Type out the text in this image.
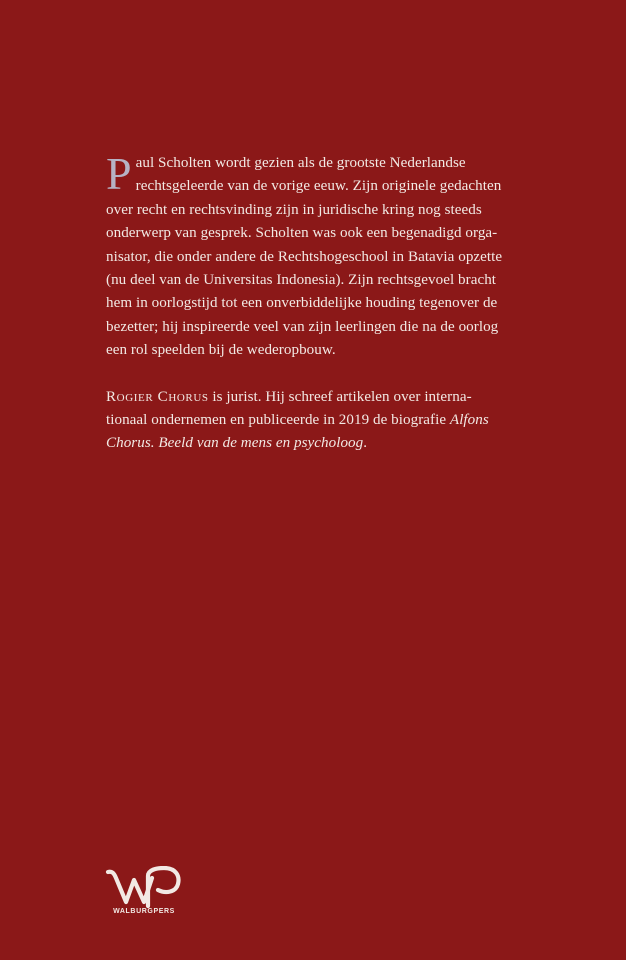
P aul Scholten wordt gezien als de grootste Nederlandse
rechtsgeleerde van de vorige eeuw. Zijn originele gedachten
over recht en rechtsvinding zijn in juridische kring nog steeds
onderwerp van gesprek. Scholten was ook een begenadigd orga-
nisator, die onder andere de Rechtshogeschool in Batavia opzette
(nu deel van de Universitas Indonesia). Zijn rechtsgevoel bracht
hem in oorlogstijd tot een onverbiddelijke houding tegenover de
bezetter; hij inspireerde veel van zijn leerlingen die na de oorlog
een rol speelden bij de wederopbouw.

Rogier Chorus is jurist. Hij schreef artikelen over interna-
tionaal ondernemen en publiceerde in 2019 de biografie Alfons
Chorus. Beeld van de mens en psycholoog.

WALBURGPERS
